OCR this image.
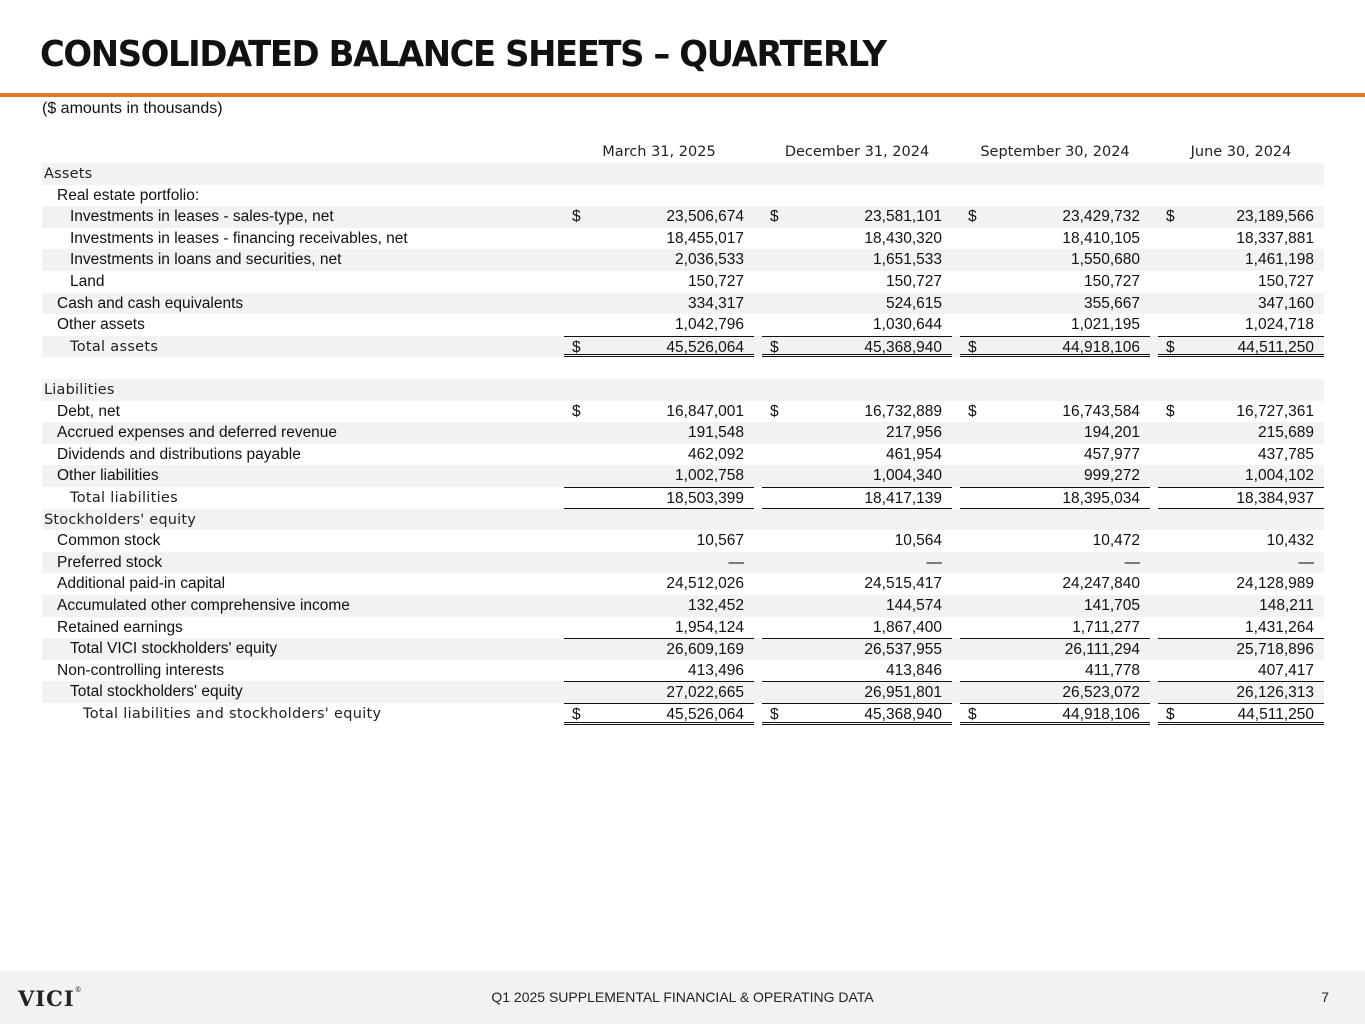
CONSOLIDATED BALANCE SHEETS – QUARTERLY
($ amounts in thousands)
March 31, 2025	December 31, 2024	September 30, 2024	June 30, 2024
Assets
Real estate portfolio:
Investments in leases - sales-type, net	$	23,506,674 $	23,581,101 $	23,429,732 $	23,189,566
Investments in leases - financing receivables, net	18,455,017	18,430,320	18,410,105	18,337,881
Investments in loans and securities, net	2,036,533	1,651,533	1,550,680	1,461,198
Land	150,727	150,727	150,727	150,727
Cash and cash equivalents	334,317	524,615	355,667	347,160
Other assets	1,042,796	1,030,644	1,021,195	1,024,718
Total assets	$	45,526,064 $	45,368,940 $	44,918,106 $	44,511,250
Liabilities
Debt, net	$	16,847,001 $	16,732,889 $	16,743,584 $	16,727,361
Accrued expenses and deferred revenue	191,548	217,956	194,201	215,689
Dividends and distributions payable	462,092	461,954	457,977	437,785
Other liabilities	1,002,758	1,004,340	999,272	1,004,102
Total liabilities	18,503,399	18,417,139	18,395,034	18,384,937
Stockholders' equity
Common stock	10,567	10,564	10,472	10,432
Preferred stock	—	—	—	—
Additional paid-in capital	24,512,026	24,515,417	24,247,840	24,128,989
Accumulated other comprehensive income	132,452	144,574	141,705	148,211
Retained earnings	1,954,124	1,867,400	1,711,277	1,431,264
Total VICI stockholders' equity	26,609,169	26,537,955	26,111,294	25,718,896
Non-controlling interests	413,496	413,846	411,778	407,417
Total stockholders' equity	27,022,665	26,951,801	26,523,072	26,126,313
Total liabilities and stockholders' equity	$	45,526,064 $	45,368,940 $	44,918,106 $	44,511,250
VICI®	Q1 2025 SUPPLEMENTAL FINANCIAL & OPERATING DATA	7
